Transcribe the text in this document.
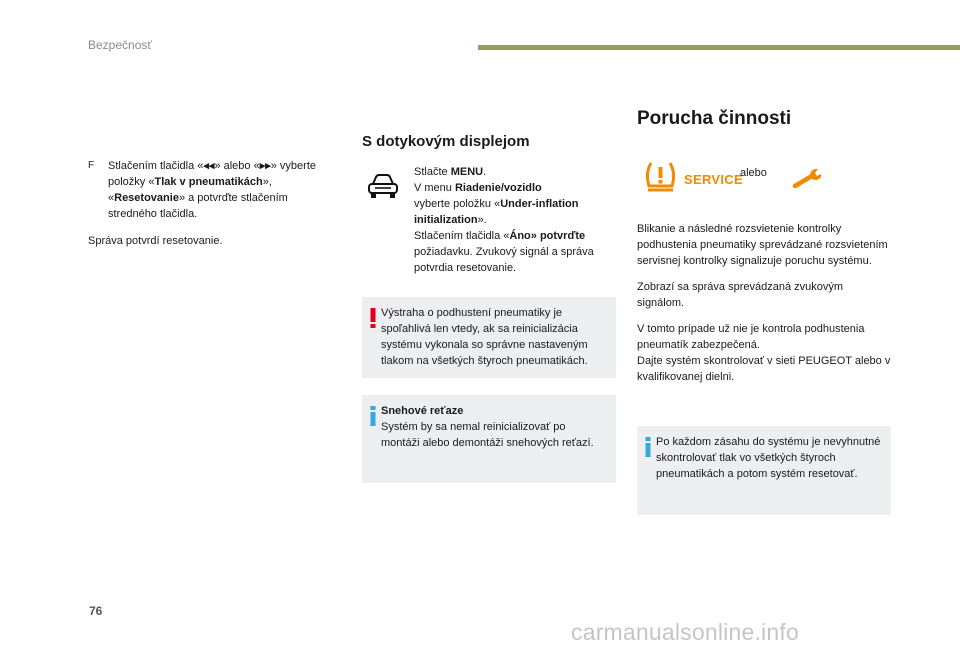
Bezpečnosť
F	Stlačením tlačidla «◂◂» alebo «▸▸» vyberte položky «Tlak v pneumatikách», «Resetovanie» a potvrďte stlačením stredného tlačidla.

Správa potvrdí resetovanie.

S dotykovým displejom
Stlačte MENU.
V menu Riadenie/vozidlo
vyberte položku «Under-inflation initialization».
Stlačením tlačidla «Áno» potvrďte
požiadavku. Zvukový signál a správa potvrdia resetovanie.
Výstraha o podhustení pneumatiky je spoľahlivá len vtedy, ak sa reinicializácia systému vykonala so správne nastaveným tlakom na všetkých štyroch pneumatikách.
Snehové reťaze
Systém by sa nemal reinicializovať po montáži alebo demontáži snehových reťazí.
Porucha činnosti
SERVICE
alebo

Blikanie a následné rozsvietenie kontrolky podhustenia pneumatiky sprevádzané rozsvietením servisnej kontrolky signalizuje poruchu systému.

Zobrazí sa správa sprevádzaná zvukovým signálom.

V tomto prípade už nie je kontrola podhustenia pneumatík zabezpečená.

Dajte systém skontrolovať v sieti PEUGEOT alebo v kvalifikovanej dielni.

Po každom zásahu do systému je nevyhnutné skontrolovať tlak vo všetkých štyroch pneumatikách a potom systém resetovať.
76
carmanualsonline.info
